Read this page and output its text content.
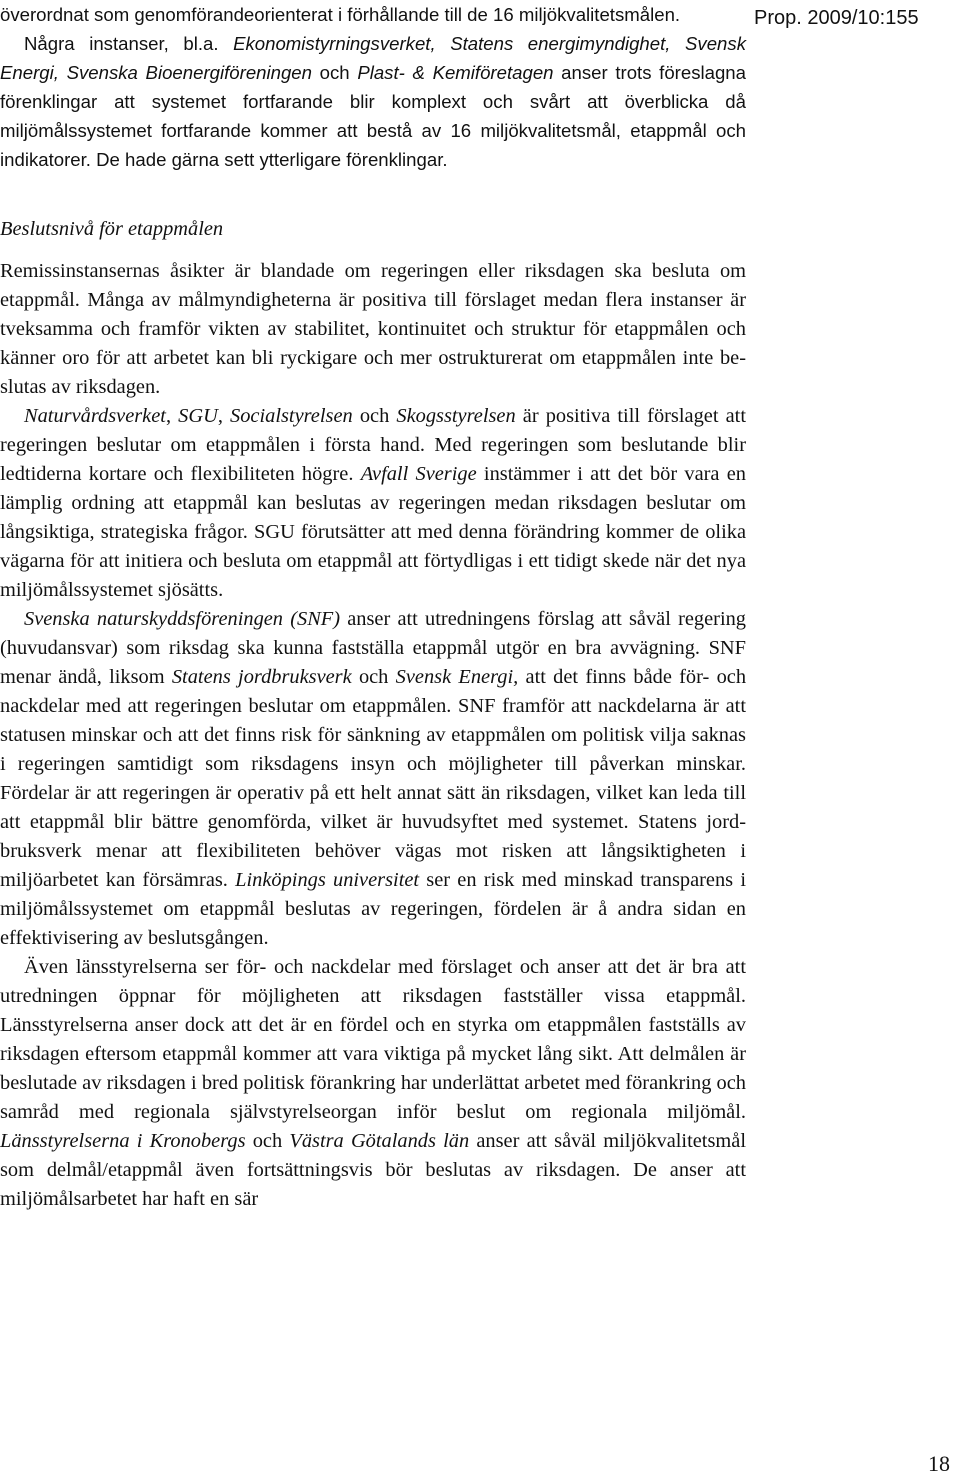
Prop. 2009/10:155

överordnat som genomförandeorienterat i förhållande till de 16 miljökvalitetsmålen.

Några instanser, bl.a. Ekonomistyrningsverket, Statens energimyndighet, Svensk Energi, Svenska Bioenergiföreningen och Plast- & Kemiföretagen anser trots föreslagna förenklingar att systemet fortfarande blir komplext och svårt att överblicka då miljömålssystemet fortfarande kommer att bestå av 16 miljökvalitetsmål, etappmål och indikatorer. De hade gärna sett ytterligare förenklingar.

Beslutsnivå för etappmålen

Remissinstansernas åsikter är blandade om regeringen eller riksdagen ska besluta om etappmål. Många av målmyndigheterna är positiva till förslaget medan flera instanser är tveksamma och framför vikten av stabilitet, kontinuitet och struktur för etappmålen och känner oro för att arbetet kan bli ryckigare och mer ostrukturerat om etappmålen inte beslutas av riksdagen.

Naturvårdsverket, SGU, Socialstyrelsen och Skogsstyrelsen är positiva till förslaget att regeringen beslutar om etappmålen i första hand. Med regeringen som beslutande blir ledtiderna kortare och flexibiliteten högre. Avfall Sverige instämmer i att det bör vara en lämplig ordning att etappmål kan beslutas av regeringen medan riksdagen beslutar om långsiktiga, strategiska frågor. SGU förutsätter att med denna förändring kommer de olika vägarna för att initiera och besluta om etappmål att förtydligas i ett tidigt skede när det nya miljömålssystemet sjösätts.

Svenska naturskyddsföreningen (SNF) anser att utredningens förslag att såväl regering (huvudansvar) som riksdag ska kunna fastställa etappmål utgör en bra avvägning. SNF menar ändå, liksom Statens jordbruksverk och Svensk Energi, att det finns både för- och nackdelar med att regeringen beslutar om etappmålen. SNF framför att nackdelarna är att statusen minskar och att det finns risk för sänkning av etappmålen om politisk vilja saknas i regeringen samtidigt som riksdagens insyn och möjligheter till påverkan minskar. Fördelar är att regeringen är operativ på ett helt annat sätt än riksdagen, vilket kan leda till att etappmål blir bättre genomförda, vilket är huvudsyftet med systemet. Statens jordbruksverk menar att flexibiliteten behöver vägas mot risken att långsiktigheten i miljöarbetet kan försämras. Linköpings universitet ser en risk med minskad transparens i miljömålssystemet om etappmål beslutas av regeringen, fördelen är å andra sidan en effektivisering av beslutsgången.

Även länsstyrelserna ser för- och nackdelar med förslaget och anser att det är bra att utredningen öppnar för möjligheten att riksdagen fastställer vissa etappmål. Länsstyrelserna anser dock att det är en fördel och en styrka om etappmålen fastställs av riksdagen eftersom etappmål kommer att vara viktiga på mycket lång sikt. Att delmålen är beslutade av riksdagen i bred politisk förankring har underlättat arbetet med förankring och samråd med regionala självstyrelseorgan inför beslut om regionala miljömål. Länsstyrelserna i Kronobergs och Västra Götalands län anser att såväl miljökvalitetsmål som delmål/etappmål även fortsättningsvis bör beslutas av riksdagen. De anser att miljömålsarbetet har haft en sär

18
